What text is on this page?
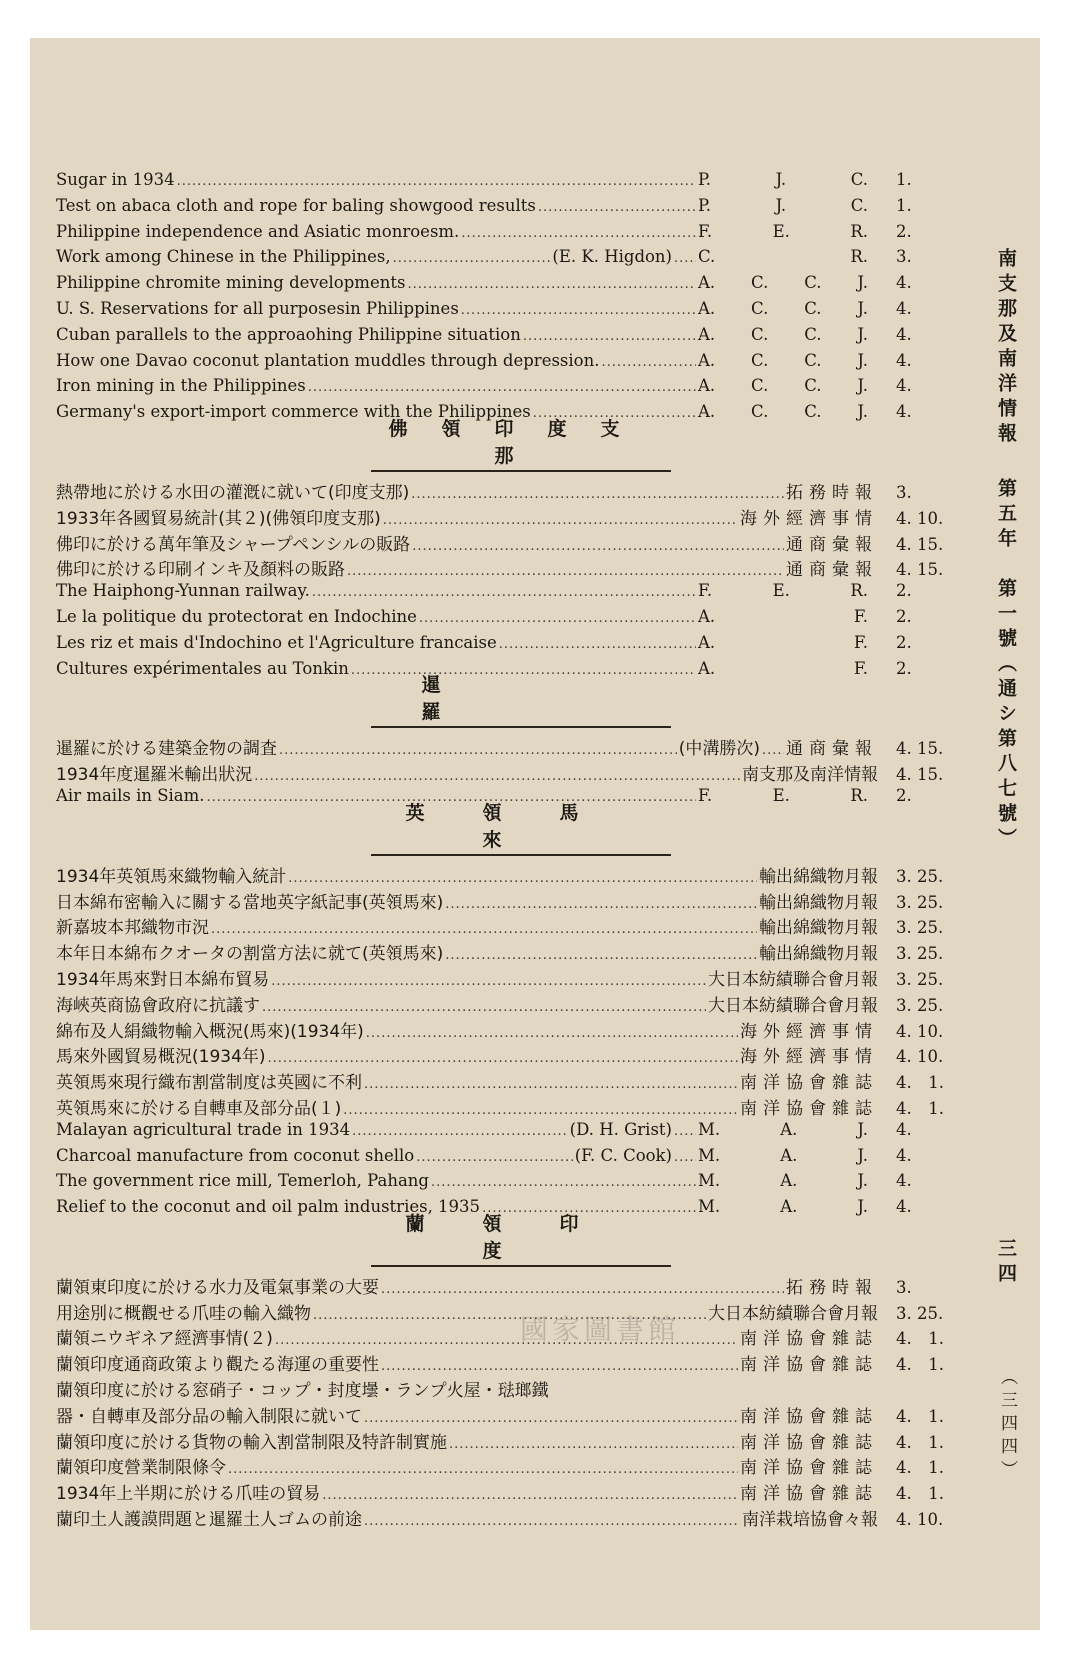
Sugar in 1934 .....	P.	J.	C.	1.
Test on abaca cloth and rope for baling showgood results .....	P.	J.	C.	1.
Philippine independence and Asiatic monroesm. .....	F.	E.	R.	2.
Work among Chinese in the Philippines, .....	(E. K. Higdon) ..... C.	R.	3.
Philippine chromite mining developments .....	A. C. C. J.	4.
U. S. Reservations for all purposesin Philippines .....	A. C. C. J.	4.
Cuban parallels to the approaohing Philippine situation .....	A. C. C. J.	4.
How one Davao coconut plantation muddles through depression. .....	A. C. C. J.	4.
Iron mining in the Philippines .....	A. C. C. J.	4.
Germany's export-import commerce with the Philippines .....	A. C. C. J.	4.
佛領印度支那
熱帶地に於ける水田の灌漑に就いて(印度支那) .....	拓務時報	3.
1933年各國貿易統計(其２)(佛領印度支那) .....	海外經濟事情	4. 10.
佛印に於ける萬年筆及シャープペンシルの販路 .....	通商彙報	4. 15.
佛印に於ける印刷インキ及顏料の販路 .....	通商彙報	4. 15.
The Haiphong-Yunnan railway. .....	F.	E.	R.	2.
Le la politique du protectorat en Indochine .....	A.	F.	2.
Les riz et mais d'Indochino et l'Agriculture francaise .....	A.	F.	2.
Cultures expérimentales au Tonkin .....	A.	F.	2.
暹羅
暹羅に於ける建築金物の調査 .....	(中溝勝次) ..... 通商彙報	4. 15.
1934年度暹羅米輸出狀況 .....	南支那及南洋情報	4. 15.
Air mails in Siam. .....	F.	E.	R.	2.
英領馬來
1934年英領馬來織物輸入統計 .....	輸出綿織物月報	3. 25.
日本綿布密輸入に關する當地英字紙記事(英領馬來) .....	輸出綿織物月報	3. 25.
新嘉坡本邦織物市況 .....	輸出綿織物月報	3. 25.
本年日本綿布クオータの割當方法に就て(英領馬來) .....	輸出綿織物月報	3. 25.
1934年馬來對日本綿布貿易 .....	大日本紡績聯合會月報	3. 25.
海峽英商協會政府に抗議す .....	大日本紡績聯合會月報	3. 25.
綿布及人絹織物輸入概況(馬來)(1934年) .....	海外經濟事情	4. 10.
馬來外國貿易概況(1934年) .....	海外經濟事情	4. 10.
英領馬來現行織布割當制度は英國に不利 .....	南洋協會雜誌	4.　1.
英領馬來に於ける自轉車及部分品(１) .....	南洋協會雜誌	4.　1.
Malayan agricultural trade in 1934 .....	(D. H. Grist) ..... M.	A.	J.	4.
Charcoal manufacture from coconut shello .....	(F. C. Cook) ..... M.	A.	J.	4.
The government rice mill, Temerloh, Pahang .....	M.	A.	J.	4.
Relief to the coconut and oil palm industries, 1935 .....	M.	A.	J.	4.
蘭領印度
蘭領東印度に於ける水力及電氣事業の大要 .....	拓務時報	3.
用途別に概觀せる爪哇の輸入織物 .....	大日本紡績聯合會月報	3. 25.
蘭領ニウギネア經濟事情(２) .....	南洋協會雜誌	4.　1.
蘭領印度通商政策より觀たる海運の重要性 .....	南洋協會雜誌	4.　1.
蘭領印度に於ける窓硝子・コップ・封度壜・ランプ火屋・琺瑯鐵
器・自轉車及部分品の輸入制限に就いて .....	南洋協會雜誌	4.　1.
蘭領印度に於ける貨物の輸入割當制限及特許制實施 .....	南洋協會雜誌	4.　1.
蘭領印度營業制限條令 .....	南洋協會雜誌	4.　1.
1934年上半期に於ける爪哇の貿易 .....	南洋協會雜誌	4.　1.
蘭印土人護謨問題と暹羅土人ゴムの前途 .....	南洋栽培協會々報	4. 10.
南支那及南洋情報
第五年　第一號（通シ第八七號）
三四
（三四四）
國家圖書館
